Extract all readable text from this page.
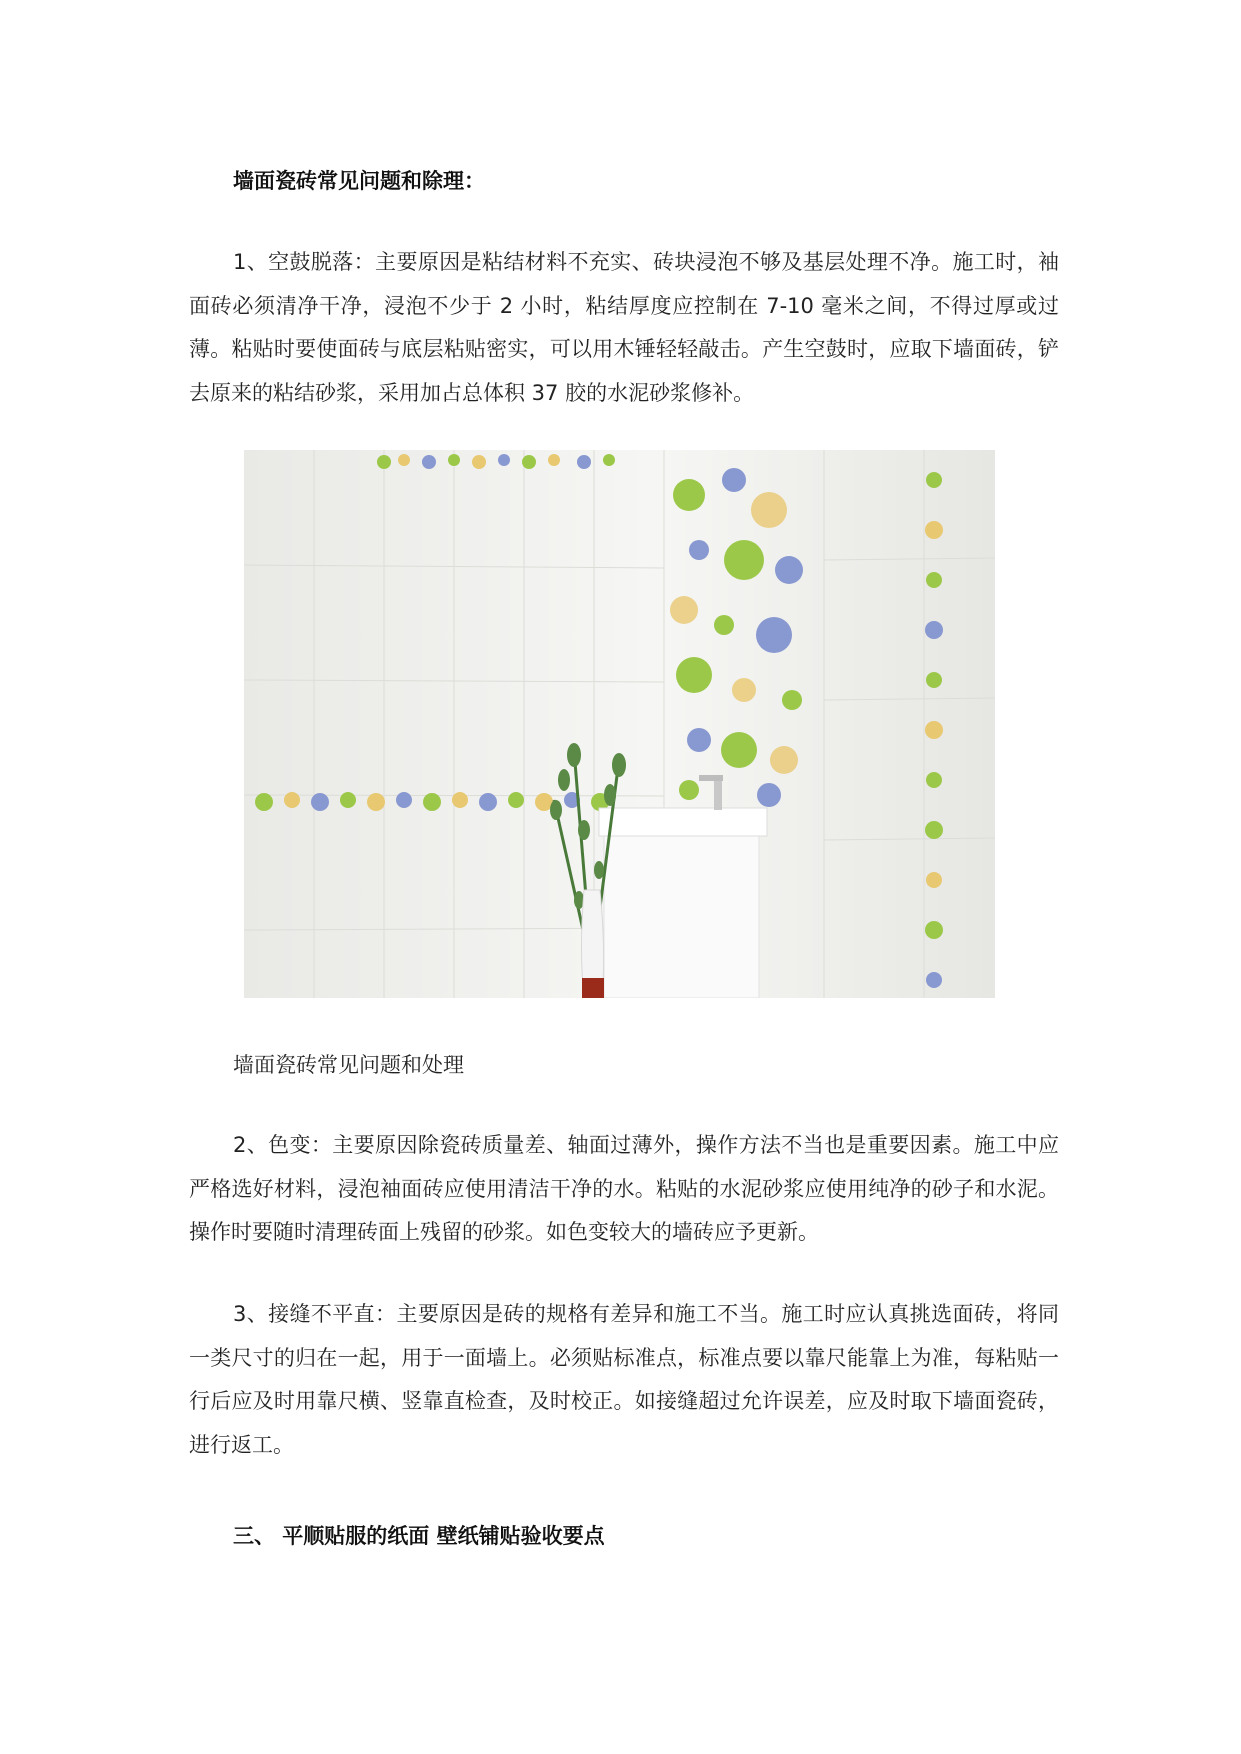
墙面瓷砖常见问题和除理：

1、空鼓脱落：主要原因是粘结材料不充实、砖块浸泡不够及基层处理不净。施工时，袖面砖必须清净干净，浸泡不少于 2 小时，粘结厚度应控制在 7-10 毫米之间，不得过厚或过薄。粘贴时要使面砖与底层粘贴密实，可以用木锤轻轻敲击。产生空鼓时，应取下墙面砖，铲去原来的粘结砂浆，采用加占总体积 37 胶的水泥砂浆修补。

墙面瓷砖常见问题和处理

2、色变：主要原因除瓷砖质量差、轴面过薄外，操作方法不当也是重要因素。施工中应严格选好材料，浸泡袖面砖应使用清洁干净的水。粘贴的水泥砂浆应使用纯净的砂子和水泥。操作时要随时清理砖面上残留的砂浆。如色变较大的墙砖应予更新。

3、接缝不平直：主要原因是砖的规格有差异和施工不当。施工时应认真挑选面砖，将同一类尺寸的归在一起，用于一面墙上。必须贴标准点，标准点要以靠尺能靠上为准，每粘贴一行后应及时用靠尺横、竖靠直检查，及时校正。如接缝超过允许误差，应及时取下墙面瓷砖，进行返工。

三、 平顺贴服的纸面 壁纸铺贴验收要点
